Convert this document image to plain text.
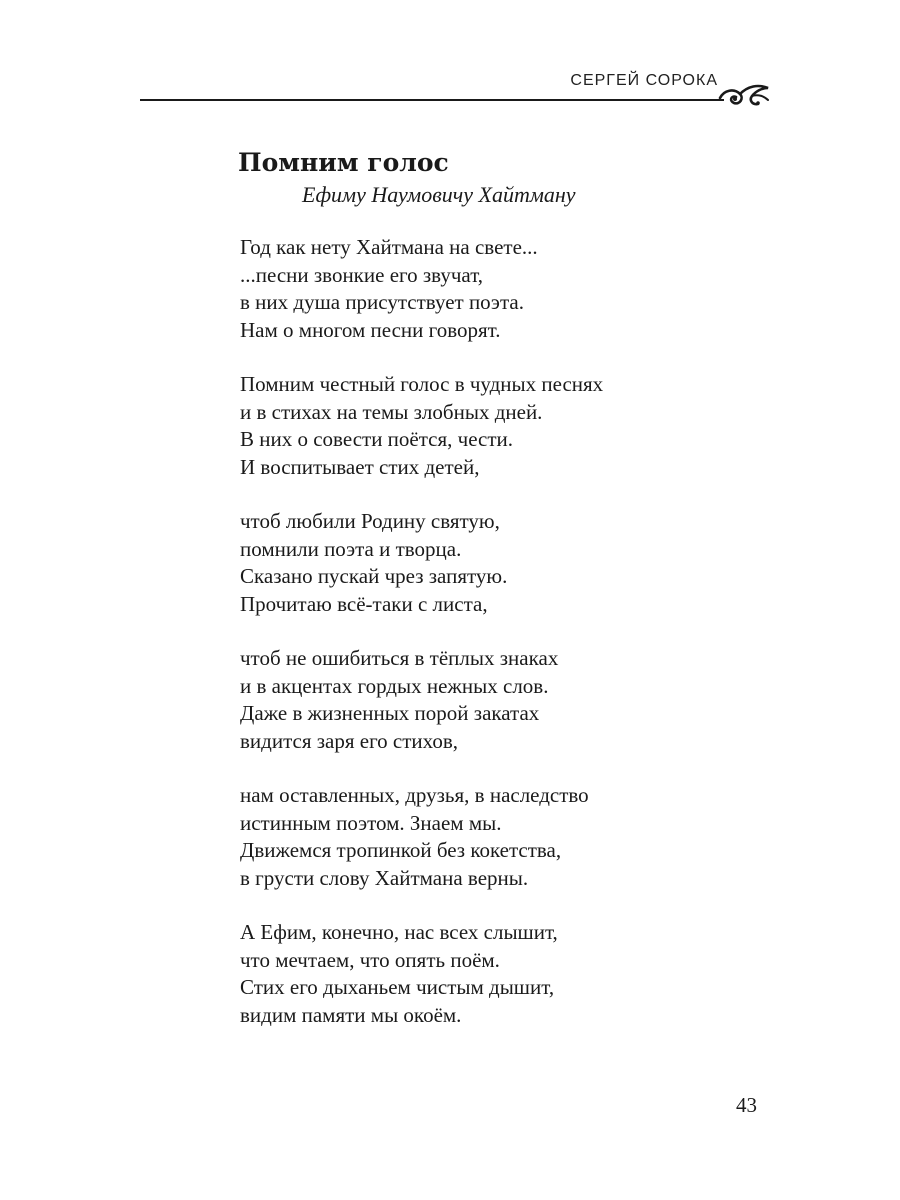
СЕРГЕЙ СОРОКА
Помним голос
Ефиму Наумовичу Хайтману
Год как нету Хайтмана на свете...
...песни звонкие его звучат,
в них душа присутствует поэта.
Нам о многом песни говорят.
Помним честный голос в чудных песнях
и в стихах на темы злобных дней.
В них о совести поётся, чести.
И воспитывает стих детей,
чтоб любили Родину святую,
помнили поэта и творца.
Сказано пускай чрез запятую.
Прочитаю всё-таки с листа,
чтоб не ошибиться в тёплых знаках
и в акцентах гордых нежных слов.
Даже в жизненных порой закатах
видится заря его стихов,
нам оставленных, друзья, в наследство
истинным поэтом. Знаем мы.
Движемся тропинкой без кокетства,
в грусти слову Хайтмана верны.
А Ефим, конечно, нас всех слышит,
что мечтаем, что опять поём.
Стих его дыханьем чистым дышит,
видим памяти мы окоём.
43
